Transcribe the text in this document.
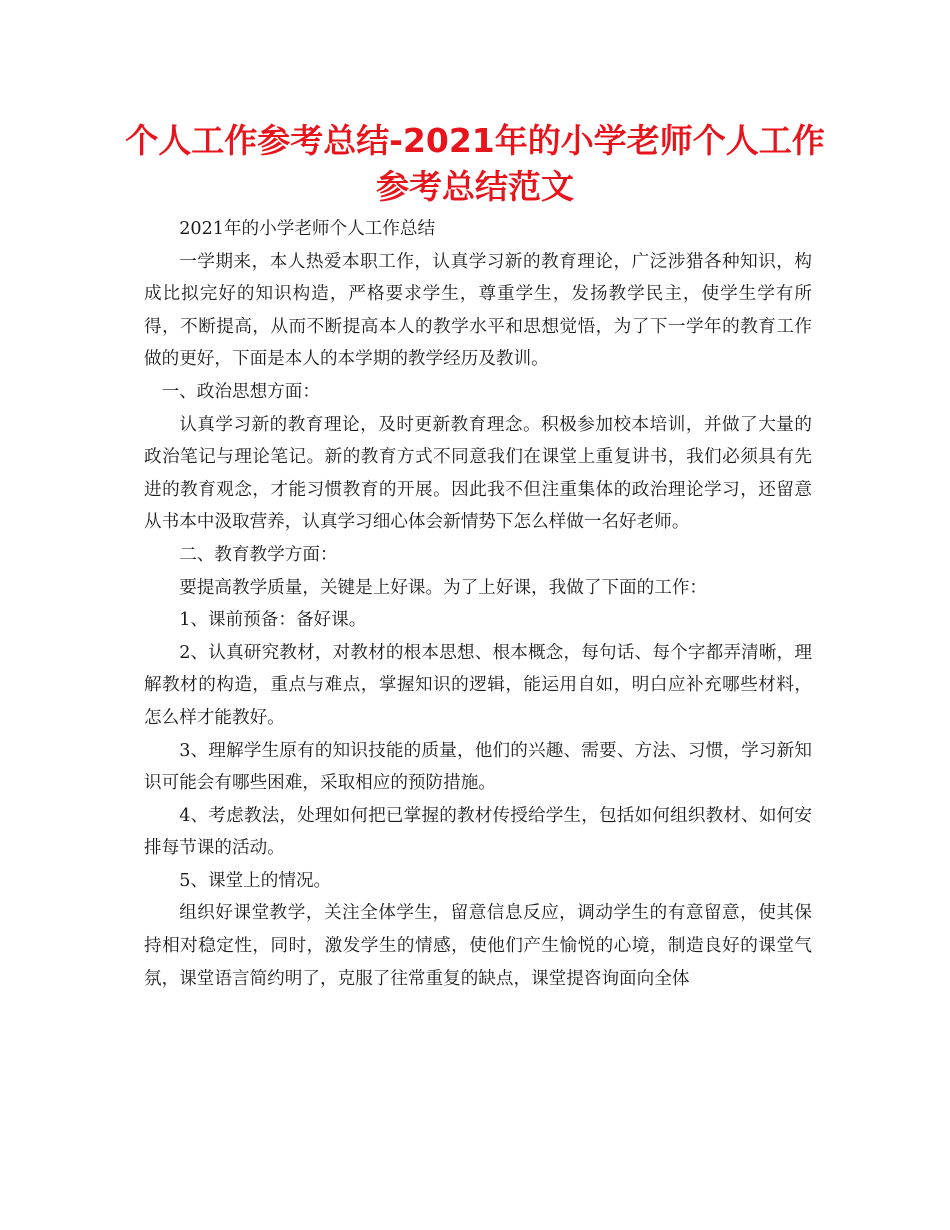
个人工作参考总结-2021年的小学老师个人工作参考总结范文

2021年的小学老师个人工作总结

一学期来，本人热爱本职工作，认真学习新的教育理论，广泛涉猎各种知识，构成比拟完好的知识构造，严格要求学生，尊重学生，发扬教学民主，使学生学有所得，不断提高，从而不断提高本人的教学水平和思想觉悟，为了下一学年的教育工作做的更好，下面是本人的本学期的教学经历及教训。

一、政治思想方面：

认真学习新的教育理论，及时更新教育理念。积极参加校本培训，并做了大量的政治笔记与理论笔记。新的教育方式不同意我们在课堂上重复讲书，我们必须具有先进的教育观念，才能习惯教育的开展。因此我不但注重集体的政治理论学习，还留意从书本中汲取营养，认真学习细心体会新情势下怎么样做一名好老师。

二、教育教学方面：

要提高教学质量，关键是上好课。为了上好课，我做了下面的工作：

1、课前预备：备好课。

2、认真研究教材，对教材的根本思想、根本概念，每句话、每个字都弄清晰，理解教材的构造，重点与难点，掌握知识的逻辑，能运用自如，明白应补充哪些材料，怎么样才能教好。

3、理解学生原有的知识技能的质量，他们的兴趣、需要、方法、习惯，学习新知识可能会有哪些困难，采取相应的预防措施。

4、考虑教法，处理如何把已掌握的教材传授给学生，包括如何组织教材、如何安排每节课的活动。

5、课堂上的情况。

组织好课堂教学，关注全体学生，留意信息反应，调动学生的有意留意，使其保持相对稳定性，同时，激发学生的情感，使他们产生愉悦的心境，制造良好的课堂气氛，课堂语言简约明了，克服了往常重复的缺点，课堂提咨询面向全体
